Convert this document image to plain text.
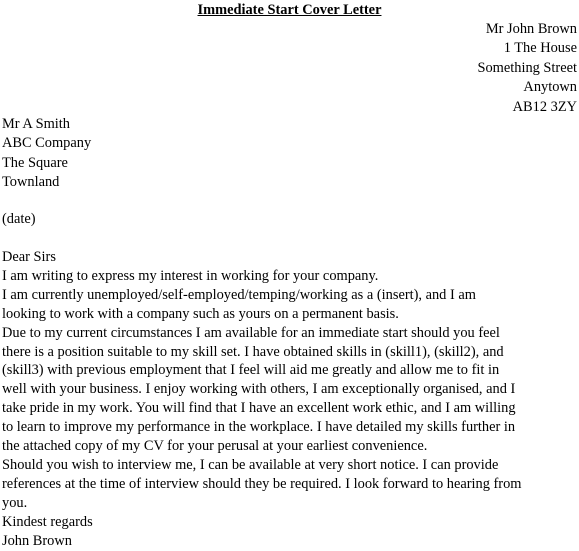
Immediate Start Cover Letter
Mr John Brown
1 The House
Something Street
Anytown
AB12 3ZY
Mr A Smith
ABC Company
The Square
Townland
(date)
Dear Sirs
I am writing to express my interest in working for your company.
I am currently unemployed/self-employed/temping/working as a (insert), and I am
looking to work with a company such as yours on a permanent basis.
Due to my current circumstances I am available for an immediate start should you feel
there is a position suitable to my skill set. I have obtained skills in (skill1), (skill2), and
(skill3) with previous employment that I feel will aid me greatly and allow me to fit in
well with your business. I enjoy working with others, I am exceptionally organised, and I
take pride in my work. You will find that I have an excellent work ethic, and I am willing
to learn to improve my performance in the workplace. I have detailed my skills further in
the attached copy of my CV for your perusal at your earliest convenience.
Should you wish to interview me, I can be available at very short notice. I can provide
references at the time of interview should they be required. I look forward to hearing from
you.
Kindest regards
John Brown
